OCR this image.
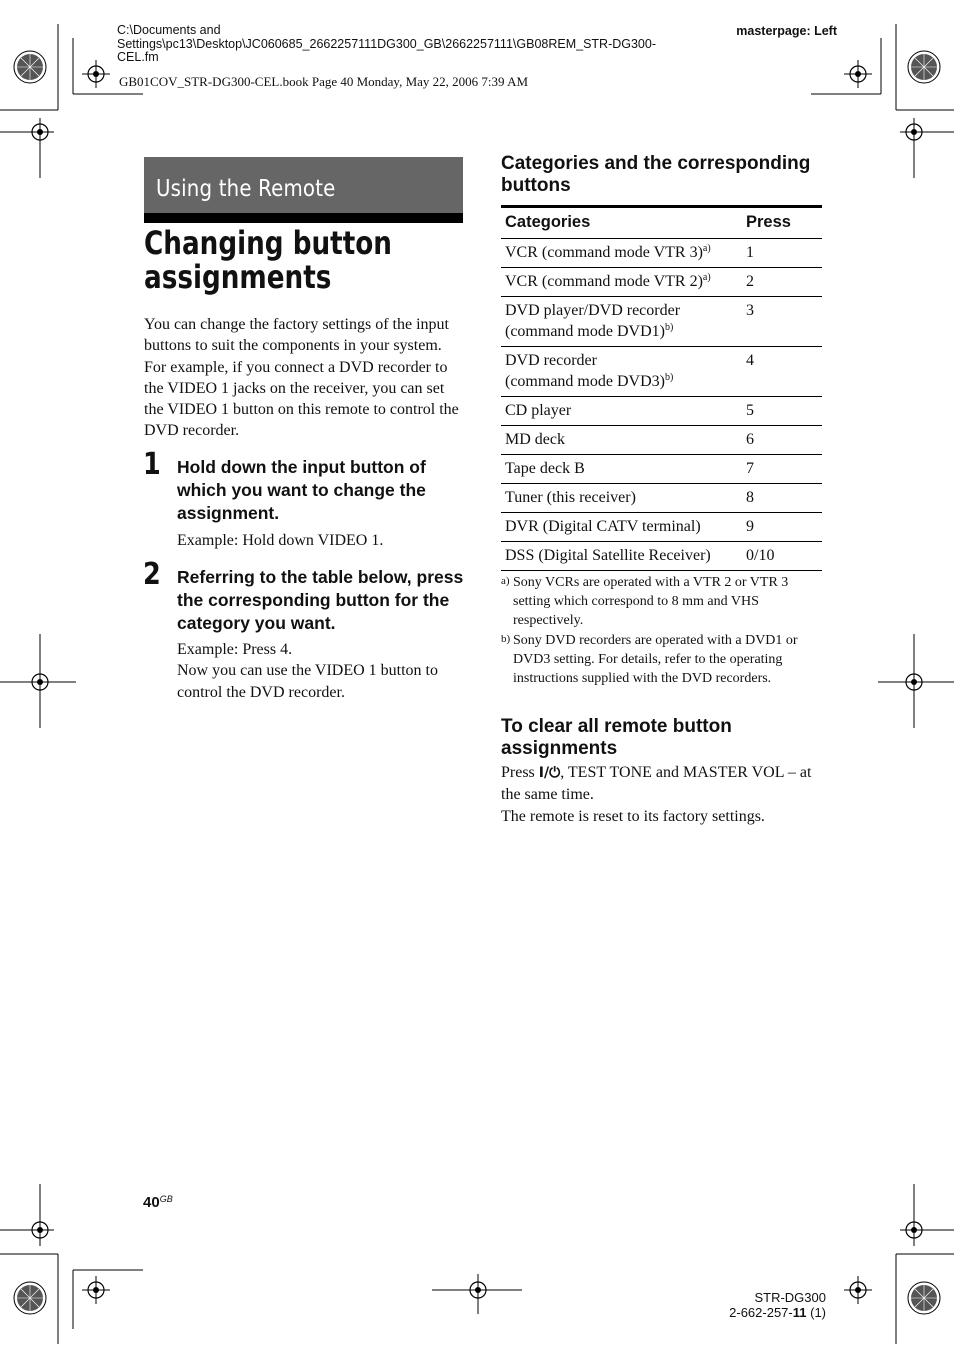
C:\Documents and Settings\pc13\Desktop\JC060685_2662257111DG300_GB\2662257111\GB08REM_STR-DG300-CEL.fm
masterpage: Left
GB01COV_STR-DG300-CEL.book Page 40 Monday, May 22, 2006 7:39 AM
Using the Remote
Changing button assignments
You can change the factory settings of the input buttons to suit the components in your system. For example, if you connect a DVD recorder to the VIDEO 1 jacks on the receiver, you can set the VIDEO 1 button on this remote to control the DVD recorder.
1 Hold down the input button of which you want to change the assignment.
Example: Hold down VIDEO 1.
2 Referring to the table below, press the corresponding button for the category you want.
Example: Press 4.
Now you can use the VIDEO 1 button to control the DVD recorder.
Categories and the corresponding buttons
Categories	Press
VCR (command mode VTR 3)$^{a)}$	1
VCR (command mode VTR 2)$^{a)}$	2

DVD player/DVD recorder
(command mode DVD1)$^{b)}$	3

DVD recorder
(command mode DVD3)$^{b)}$	4
CD player	5
MD deck	6
Tape deck B	7
Tuner (this receiver)	8
DVR (Digital CATV terminal)	9
DSS (Digital Satellite Receiver)	0/10
a) Sony VCRs are operated with a VTR 2 or VTR 3 setting which correspond to 8 mm and VHS respectively.
b) Sony DVD recorders are operated with a DVD1 or DVD3 setting. For details, refer to the operating instructions supplied with the DVD recorders.
To clear all remote button assignments
Press I/⏻, TEST TONE and MASTER VOL – at the same time.
The remote is reset to its factory settings.
$40^{GB}$
STR-DG300
2-662-257-11 (1)
